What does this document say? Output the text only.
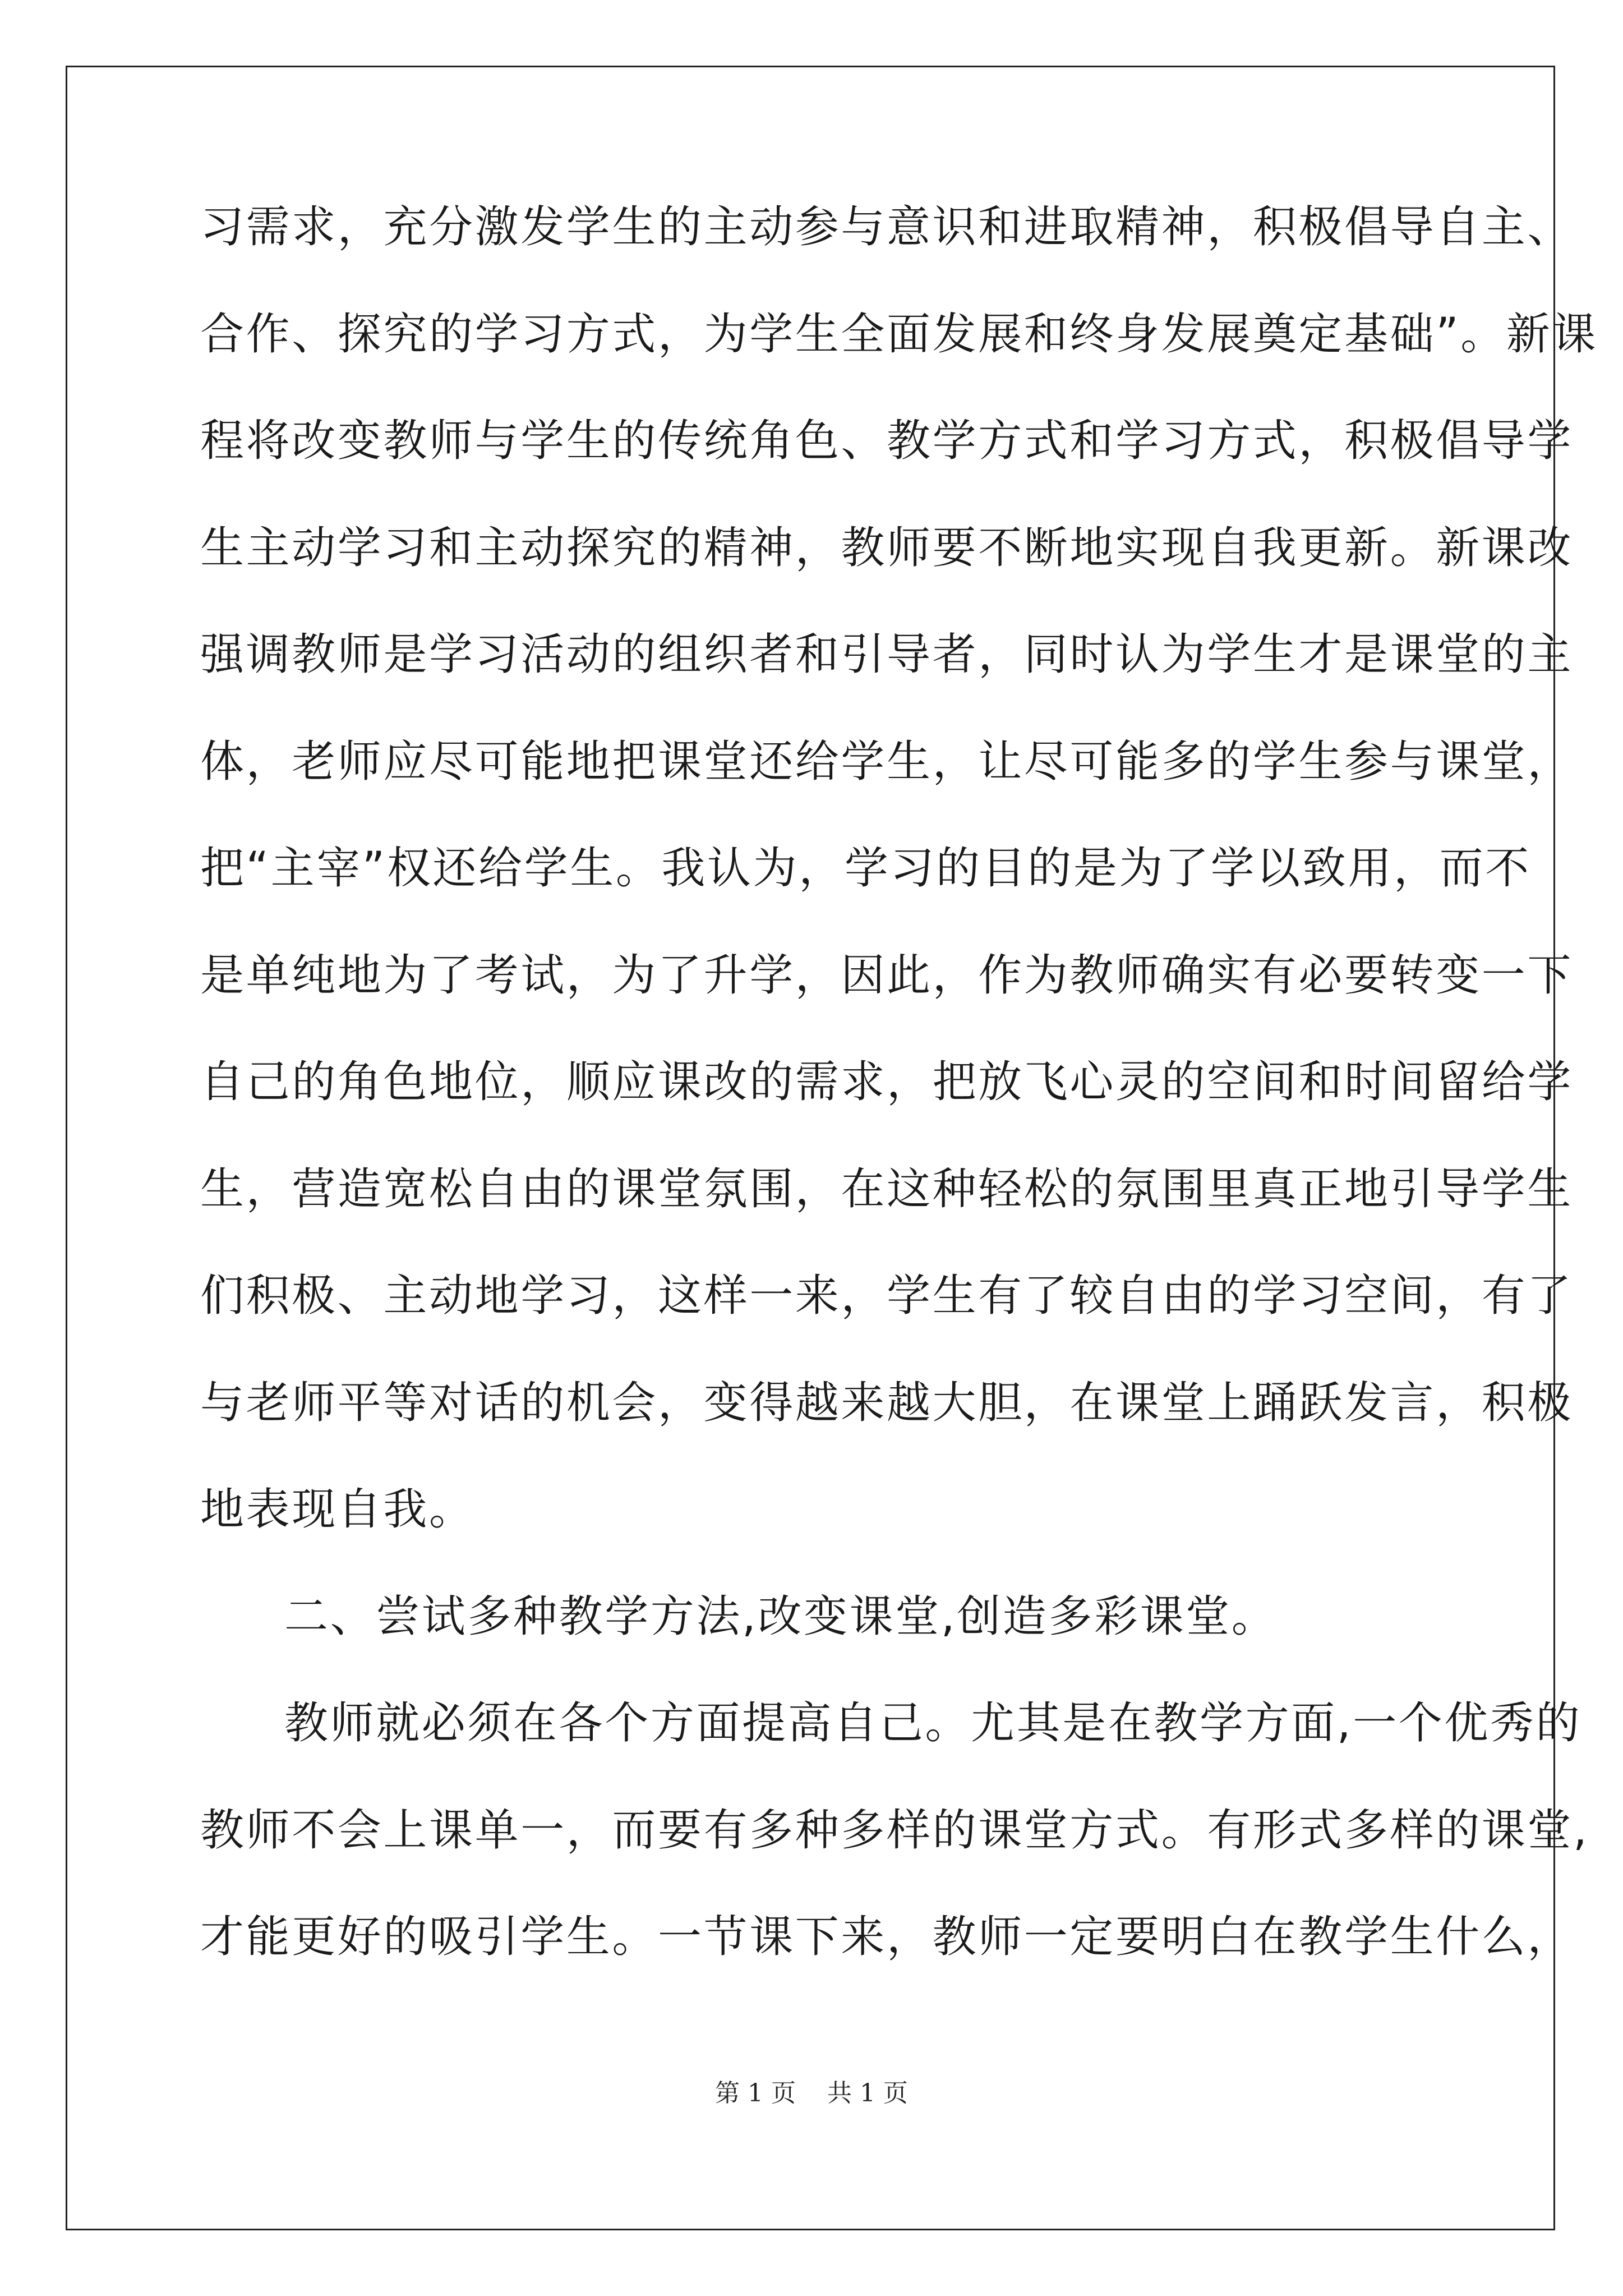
习需求，充分激发学生的主动参与意识和进取精神，积极倡导自主、
合作、探究的学习方式，为学生全面发展和终身发展奠定基础”。新课
程将改变教师与学生的传统角色、教学方式和学习方式，积极倡导学
生主动学习和主动探究的精神，教师要不断地实现自我更新。新课改
强调教师是学习活动的组织者和引导者，同时认为学生才是课堂的主
体，老师应尽可能地把课堂还给学生，让尽可能多的学生参与课堂，
把“主宰”权还给学生。我认为，学习的目的是为了学以致用，而不
是单纯地为了考试，为了升学，因此，作为教师确实有必要转变一下
自己的角色地位，顺应课改的需求，把放飞心灵的空间和时间留给学
生，营造宽松自由的课堂氛围，在这种轻松的氛围里真正地引导学生
们积极、主动地学习，这样一来，学生有了较自由的学习空间，有了
与老师平等对话的机会，变得越来越大胆，在课堂上踊跃发言，积极
地表现自我。
二、尝试多种教学方法,改变课堂,创造多彩课堂。
教师就必须在各个方面提高自己。尤其是在教学方面,一个优秀的
教师不会上课单一，而要有多种多样的课堂方式。有形式多样的课堂,
才能更好的吸引学生。一节课下来，教师一定要明白在教学生什么，
第 1 页    共 1 页
